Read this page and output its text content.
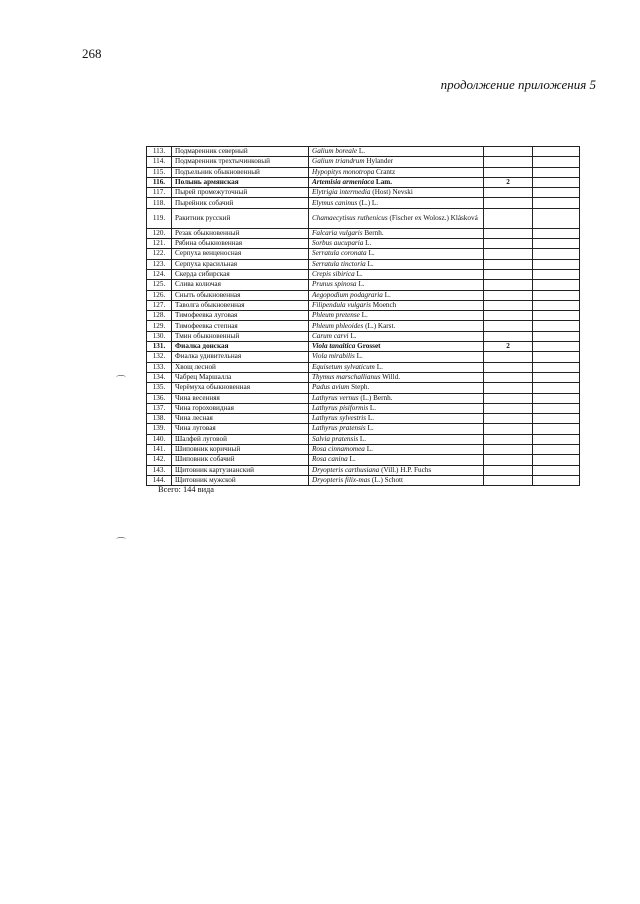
268
продолжение приложения 5
113.	Подмаренник северный	Galium boreale L.		
114.	Подмаренник трехтычинковый	Galium triandrum Hylander		
115.	Подъельник обыкновенный	Hypopitys monotropa Crantz		
116.	Полынь армянская	Artemisia armeniaca Lam.	2	
117.	Пырей промежуточный	Elytrigia intermedia (Host) Nevski		
118.	Пырейник собачий	Elymus caninus (L.) L.		
119.	Ракитник русский	Chamaecytisus ruthenicus (Fischer ex Wolosz.) Klásková		
120.	Резак обыкновенный	Falcaria vulgaris Bernh.		
121.	Рябина обыкновенная	Sorbus aucuparia L.		
122.	Серпуха венценосная	Serratula coronata L.		
123.	Серпуха красильная	Serratula tinctoria L.		
124.	Скерда сибирская	Crepis sibirica L.		
125.	Слива колючая	Prunus spinosa L.		
126.	Сныть обыкновенная	Aegopodium podagraria L.		
127.	Таволга обыкновенная	Filipendula vulgaris Moench		
128.	Тимофеевка луговая	Phleum pretense L.		
129.	Тимофеевка степная	Phleum phleoides (L.) Karst.		
130.	Тмин обыкновенный	Carum carvi L.		
131.	Фиалка донская	Viola tanaitica Grosset	2	
132.	Фиалка удивительная	Viola mirabilis L.		
133.	Хвощ лесной	Equisetum sylvaticum L.		
134.	Чабрец Маршалла	Thymus marschallianus Willd.		
135.	Черёмуха обыкновенная	Padus avium Steph.		
136.	Чина весенняя	Lathyrus vernus (L.) Bernh.		
137.	Чина гороховидная	Lathyrus pisiformis L.		
138.	Чина лесная	Lathyrus sylvestris L.		
139.	Чина луговая	Lathyrus pratensis L.		
140.	Шалфей луговой	Salvia pratensis L.		
141.	Шиповник коричный	Rosa cinnamomea L.		
142.	Шиповник собачий	Rosa canina L.		
143.	Щитовник картузианский	Dryopteris carthusiana (Vill.) H.P. Fuchs		
144.	Щитовник мужской	Dryopteris filix-mas (L.) Schott		
Всего: 144 вида
⌒
⌒
